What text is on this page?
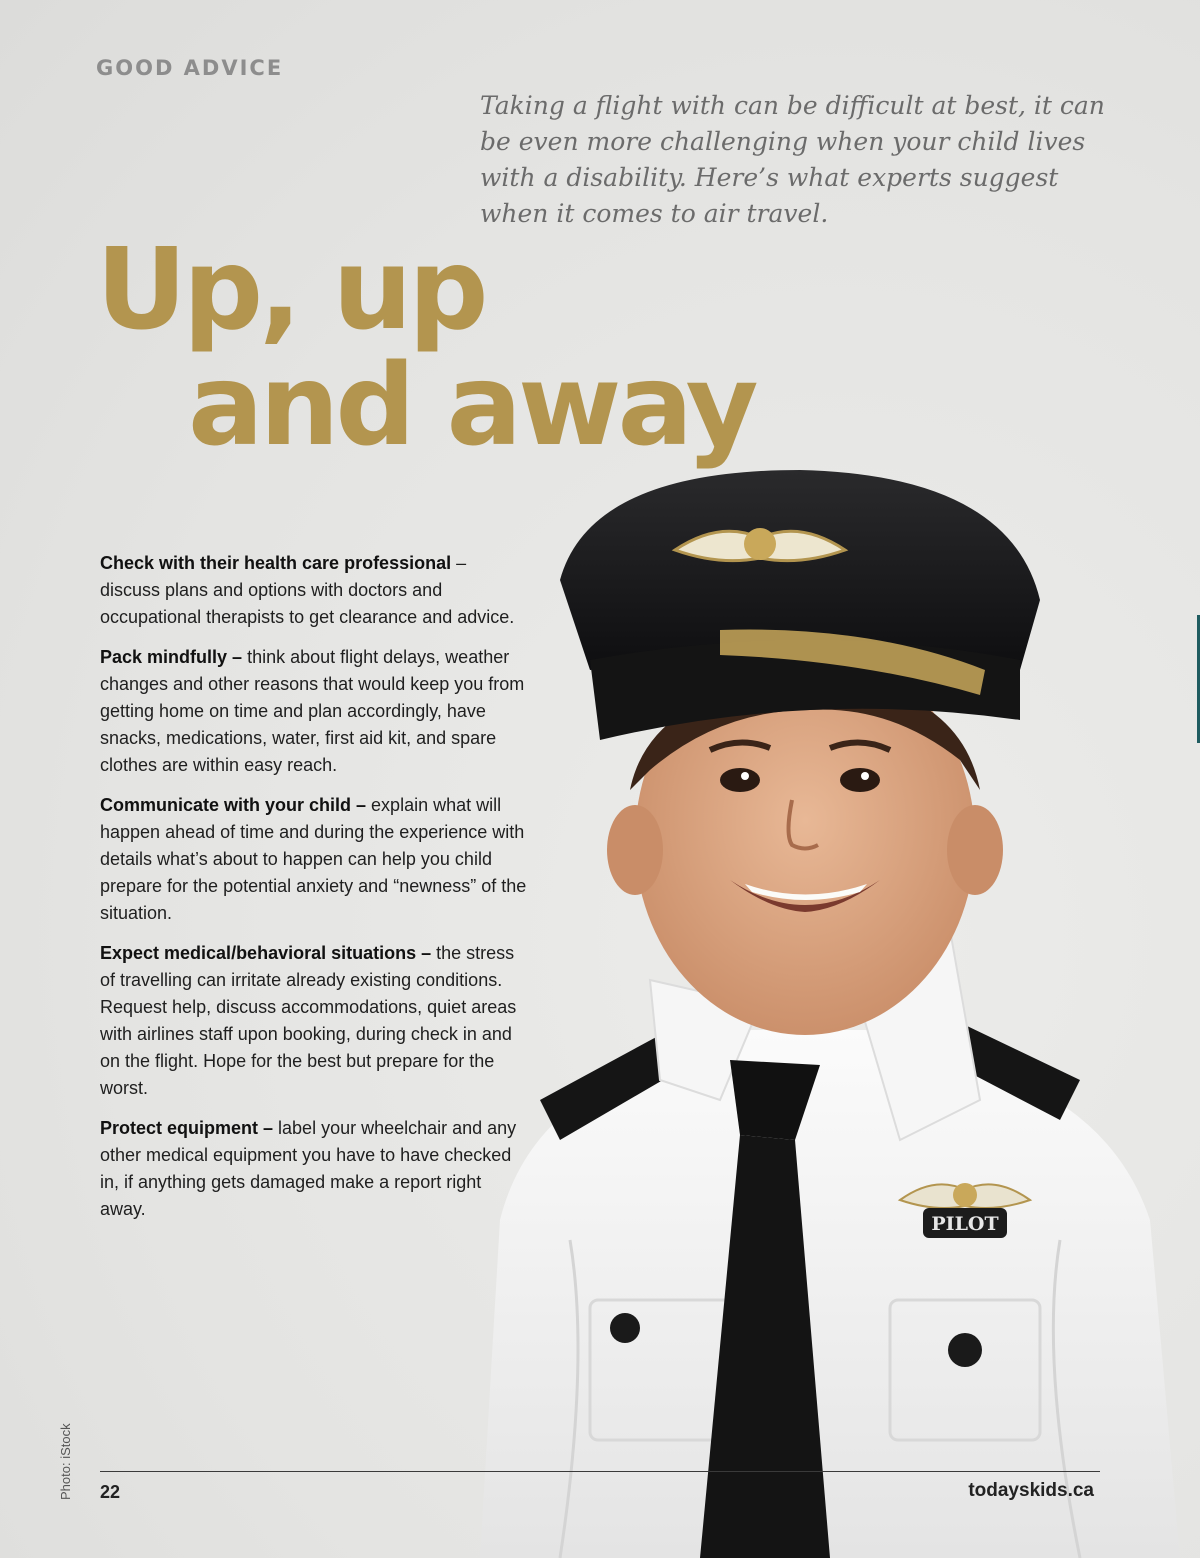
GOOD ADVICE
Taking a flight with can be difficult at best, it can be even more challenging when your child lives with a disability. Here’s what experts suggest when it comes to air travel.
Up, up
and away
PILOT

Check with their health care professional – discuss plans and options with doctors and occupational therapists to get clearance and advice.

Pack mindfully – think about flight delays, weather changes and other reasons that would keep you from getting home on time and plan accordingly, have snacks, medications, water, first aid kit, and spare clothes are within easy reach.

Communicate with your child – explain what will happen ahead of time and during the experience with details what’s about to happen can help you child prepare for the potential anxiety and “newness” of the situation.

Expect medical/behavioral situations – the stress of travelling can irritate already existing conditions. Request help, discuss accommodations, quiet areas with airlines staff upon booking, during check in and on the flight. Hope for the best but prepare for the worst.

Protect equipment – label your wheelchair and any other medical equipment you have to have checked in, if anything gets damaged make a report right away.

Photo: iStock 22	todayskids.ca
